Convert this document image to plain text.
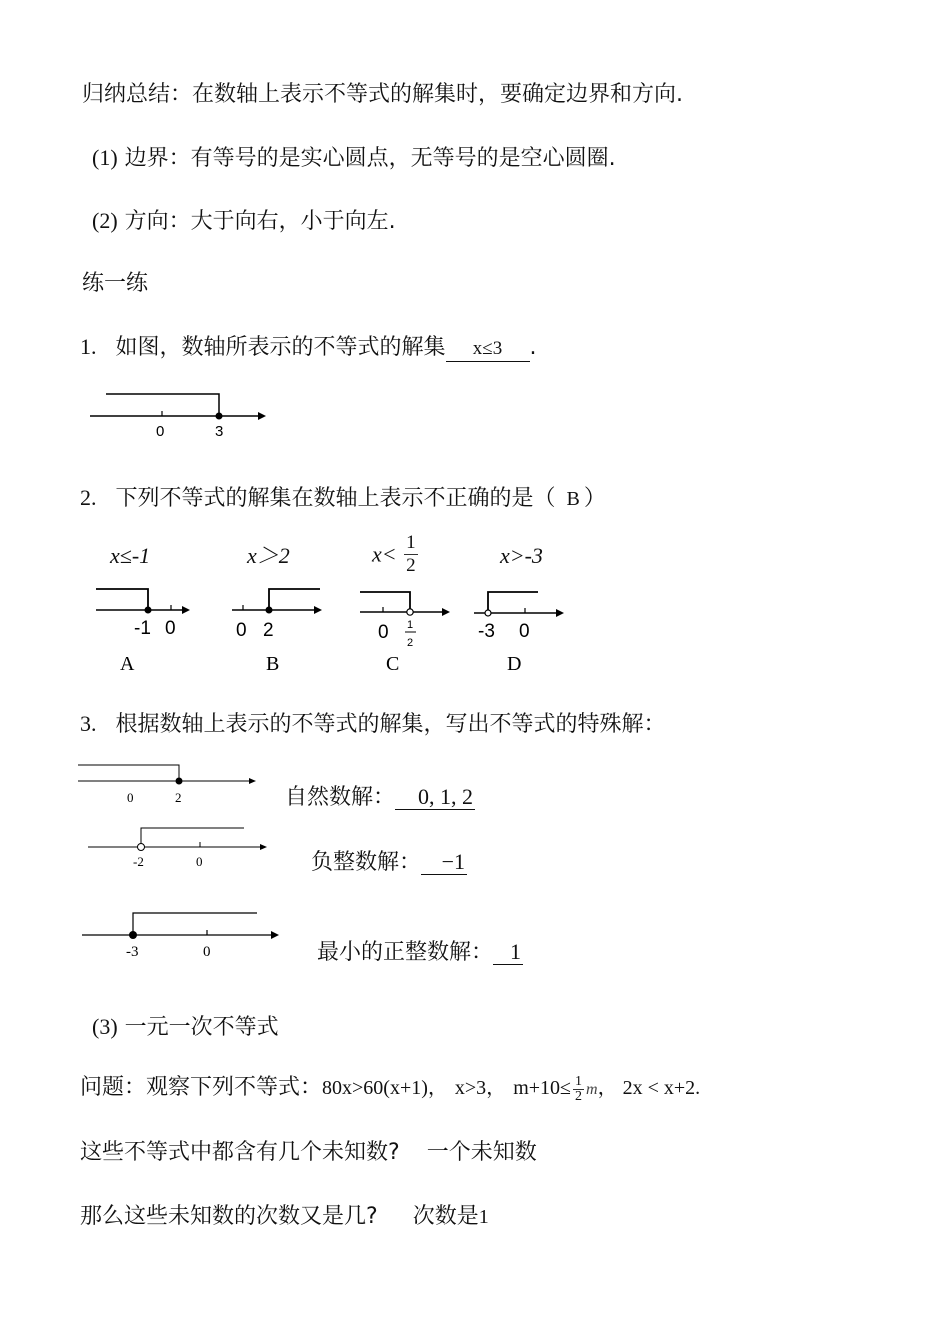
归纳总结：在数轴上表示不等式的解集时，要确定边界和方向.
(1) 边界：有等号的是实心圆点，无等号的是空心圆圈.
(2) 方向：大于向右，小于向左.
练一练
1. 如图，数轴所表示的不等式的解集 x≤3 .
0	3
2. 下列不等式的解集在数轴上表示不正确的是（ B ）
x≤-1
-1 0
A
x＞2
0 2
B
$x< \frac{1}{2}$
0 1
2
C
x>-3
-3 0
D
3. 根据数轴上表示的不等式的解集，写出不等式的特殊解：
0	2	自然数解： 0, 1, 2
-2	0	负整数解： −1
-3	0	最小的正整数解： 1
(3) 一元一次不等式
问题：观察下列不等式：80x>60(x+1)， x>3， $m+10\le \frac{1}{2}$ m， 2x < x+2.
这些不等式中都含有几个未知数? 一个未知数
那么这些未知数的次数又是几? 次数是1
